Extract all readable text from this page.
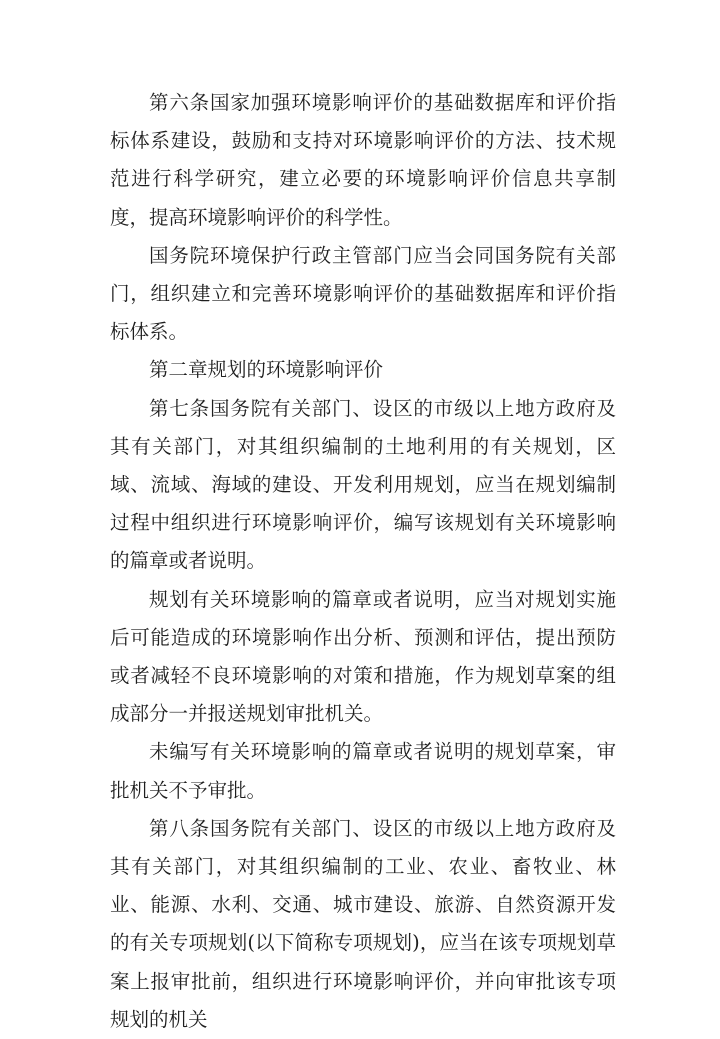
第六条国家加强环境影响评价的基础数据库和评价指标体系建设，鼓励和支持对环境影响评价的方法、技术规范进行科学研究，建立必要的环境影响评价信息共享制度，提高环境影响评价的科学性。

国务院环境保护行政主管部门应当会同国务院有关部门，组织建立和完善环境影响评价的基础数据库和评价指标体系。

第二章规划的环境影响评价

第七条国务院有关部门、设区的市级以上地方政府及其有关部门，对其组织编制的土地利用的有关规划，区域、流域、海域的建设、开发利用规划，应当在规划编制过程中组织进行环境影响评价，编写该规划有关环境影响的篇章或者说明。

规划有关环境影响的篇章或者说明，应当对规划实施后可能造成的环境影响作出分析、预测和评估，提出预防或者减轻不良环境影响的对策和措施，作为规划草案的组成部分一并报送规划审批机关。

未编写有关环境影响的篇章或者说明的规划草案，审批机关不予审批。

第八条国务院有关部门、设区的市级以上地方政府及其有关部门，对其组织编制的工业、农业、畜牧业、林业、能源、水利、交通、城市建设、旅游、自然资源开发的有关专项规划(以下简称专项规划)，应当在该专项规划草案上报审批前，组织进行环境影响评价，并向审批该专项规划的机关
